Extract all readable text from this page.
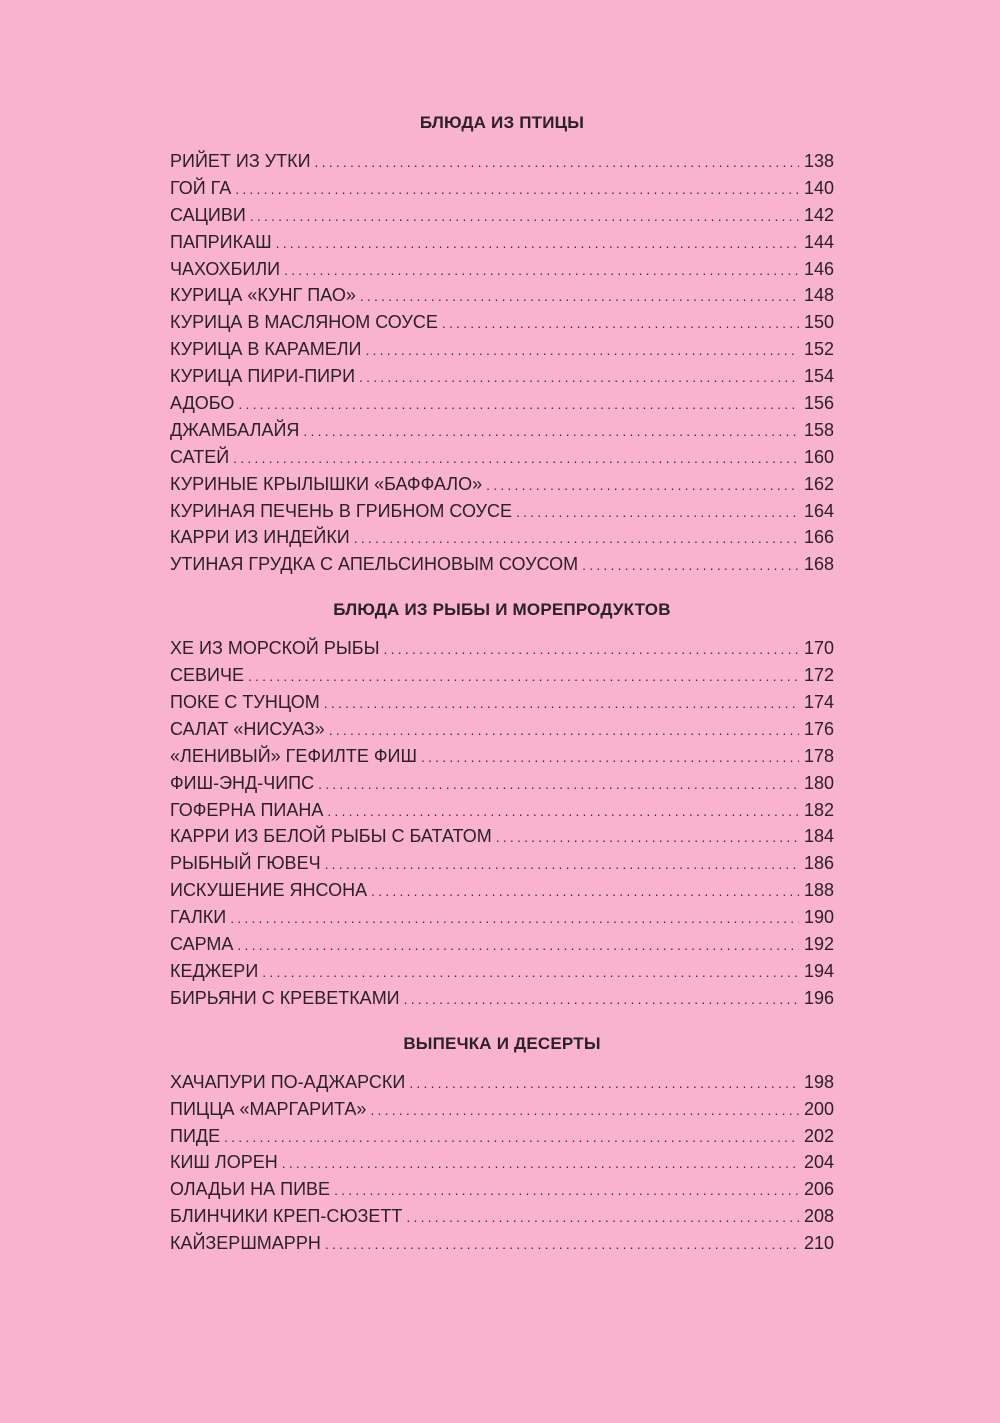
БЛЮДА ИЗ ПТИЦЫ
РИЙЕТ ИЗ УТКИ .....	138
ГОЙ ГА .....	140
САЦИВИ .....	142
ПАПРИКАШ .....	144
ЧАХОХБИЛИ .....	146
КУРИЦА «КУНГ ПАО» .....	148
КУРИЦА В МАСЛЯНОМ СОУСЕ .....	150
КУРИЦА В КАРАМЕЛИ .....	152
КУРИЦА ПИРИ-ПИРИ .....	154
АДОБО .....	156
ДЖАМБАЛАЙЯ .....	158
САТЕЙ .....	160
КУРИНЫЕ КРЫЛЫШКИ «БАФФАЛО» .....	162
КУРИНАЯ ПЕЧЕНЬ В ГРИБНОМ СОУСЕ .....	164
КАРРИ ИЗ ИНДЕЙКИ .....	166
УТИНАЯ ГРУДКА С АПЕЛЬСИНОВЫМ СОУСОМ .....	168
БЛЮДА ИЗ РЫБЫ И МОРЕПРОДУКТОВ
ХЕ ИЗ МОРСКОЙ РЫБЫ .....	170
СЕВИЧЕ .....	172
ПОКЕ С ТУНЦОМ .....	174
САЛАТ «НИСУАЗ» .....	176
«ЛЕНИВЫЙ» ГЕФИЛТЕ ФИШ .....	178
ФИШ-ЭНД-ЧИПС .....	180
ГОФЕРНА ПИАНА .....	182
КАРРИ ИЗ БЕЛОЙ РЫБЫ С БАТАТОМ .....	184
РЫБНЫЙ ГЮВЕЧ .....	186
ИСКУШЕНИЕ ЯНСОНА .....	188
ГАЛКИ .....	190
САРМА .....	192
КЕДЖЕРИ .....	194
БИРЬЯНИ С КРЕВЕТКАМИ .....	196
ВЫПЕЧКА И ДЕСЕРТЫ
ХАЧАПУРИ ПО-АДЖАРСКИ .....	198
ПИЦЦА «МАРГАРИТА» .....	200
ПИДЕ .....	202
КИШ ЛОРЕН .....	204
ОЛАДЬИ НА ПИВЕ .....	206
БЛИНЧИКИ КРЕП-СЮЗЕТТ .....	208
КАЙЗЕРШМАРРН .....	210
